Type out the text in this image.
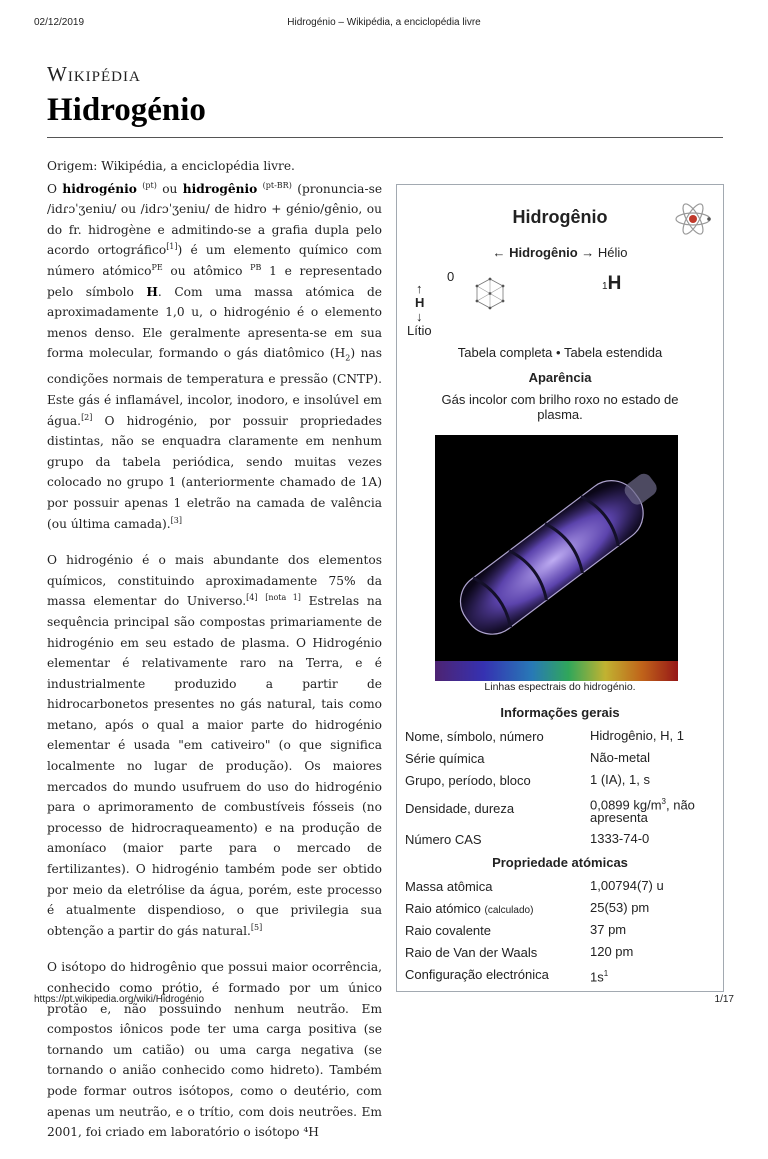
02/12/2019	Hidrogénio – Wikipédia, a enciclopédia livre
https://pt.wikipedia.org/wiki/Hidrogénio	1/17
Wikipédia
Hidrogénio
Origem: Wikipédia, a enciclopédia livre.

O hidrogénio $^{(pt)}$ ou hidrogênio $^{(pt-BR)}$ (pronuncia-se /idɾɔˈʒeniu/ ou /idɾɔˈʒeniu/ de hidro + génio/gênio, ou do fr. hidrogène e admitindo-se a grafia dupla pelo acordo ortográfico[1]) é um elemento químico com número atómico$^{PE}$ ou atômico $^{PB}$ 1 e representado pelo símbolo H. Com uma massa atómica de aproximadamente 1,0 u, o hidrogénio é o elemento menos denso. Ele geralmente apresenta-se em sua forma molecular, formando o gás diatômico $(H_2)$ nas condições normais de temperatura e pressão (CNTP). Este gás é inflamável, incolor, inodoro, e insolúvel em água.[2] O hidrogénio, por possuir propriedades distintas, não se enquadra claramente em nenhum grupo da tabela periódica, sendo muitas vezes colocado no grupo 1 (anteriormente chamado de 1A) por possuir apenas 1 eletrão na camada de valência (ou última camada).[3]

O hidrogénio é o mais abundante dos elementos químicos, constituindo aproximadamente 75% da massa elementar do Universo.[4] [nota 1] Estrelas na sequência principal são compostas primariamente de hidrogénio em seu estado de plasma. O Hidrogénio elementar é relativamente raro na Terra, e é industrialmente produzido a partir de hidrocarbonetos presentes no gás natural, tais como metano, após o qual a maior parte do hidrogénio elementar é usada "em cativeiro" (o que significa localmente no lugar de produção). Os maiores mercados do mundo usufruem do uso do hidrogénio para o aprimoramento de combustíveis fósseis (no processo de hidrocraqueamento) e na produção de amoníaco (maior parte para o mercado de fertilizantes). O hidrogénio também pode ser obtido por meio da eletrólise da água, porém, este processo é atualmente dispendioso, o que privilegia sua obtenção a partir do gás natural.[5]

O isótopo do hidrogênio que possui maior ocorrência, conhecido como prótio, é formado por um único protão e, não possuindo nenhum neutrão. Em compostos iônicos pode ter uma carga positiva (se tornando um catião) ou uma carga negativa (se tornando o anião conhecido como hidreto). Também pode formar outros isótopos, como o deutério, com apenas um neutrão, e o trítio, com dois neutrões. Em 2001, foi criado em laboratório o isótopo ⁴H

Hidrogênio
← Hidrogênio → Hélio
0
↑
H
↓
Lítio
1H
Tabela completa • Tabela estendida
Aparência
Gás incolor com brilho roxo no estado de plasma.
Linhas espectrais do hidrogénio.
Informações gerais
Nome, símbolo, número	Hidrogênio, H, 1
Série química	Não-metal
Grupo, período, bloco	1 (IA), 1, s
Densidade, dureza	0,0899 $kg/m^3$, não apresenta
Número CAS	1333-74-0
Propriedade atómicas
Massa atômica	1,00794(7) u
Raio atómico (calculado)	25(53) pm
Raio covalente	37 pm
Raio de Van der Waals	120 pm
Configuração electrónica	$1s^1$
